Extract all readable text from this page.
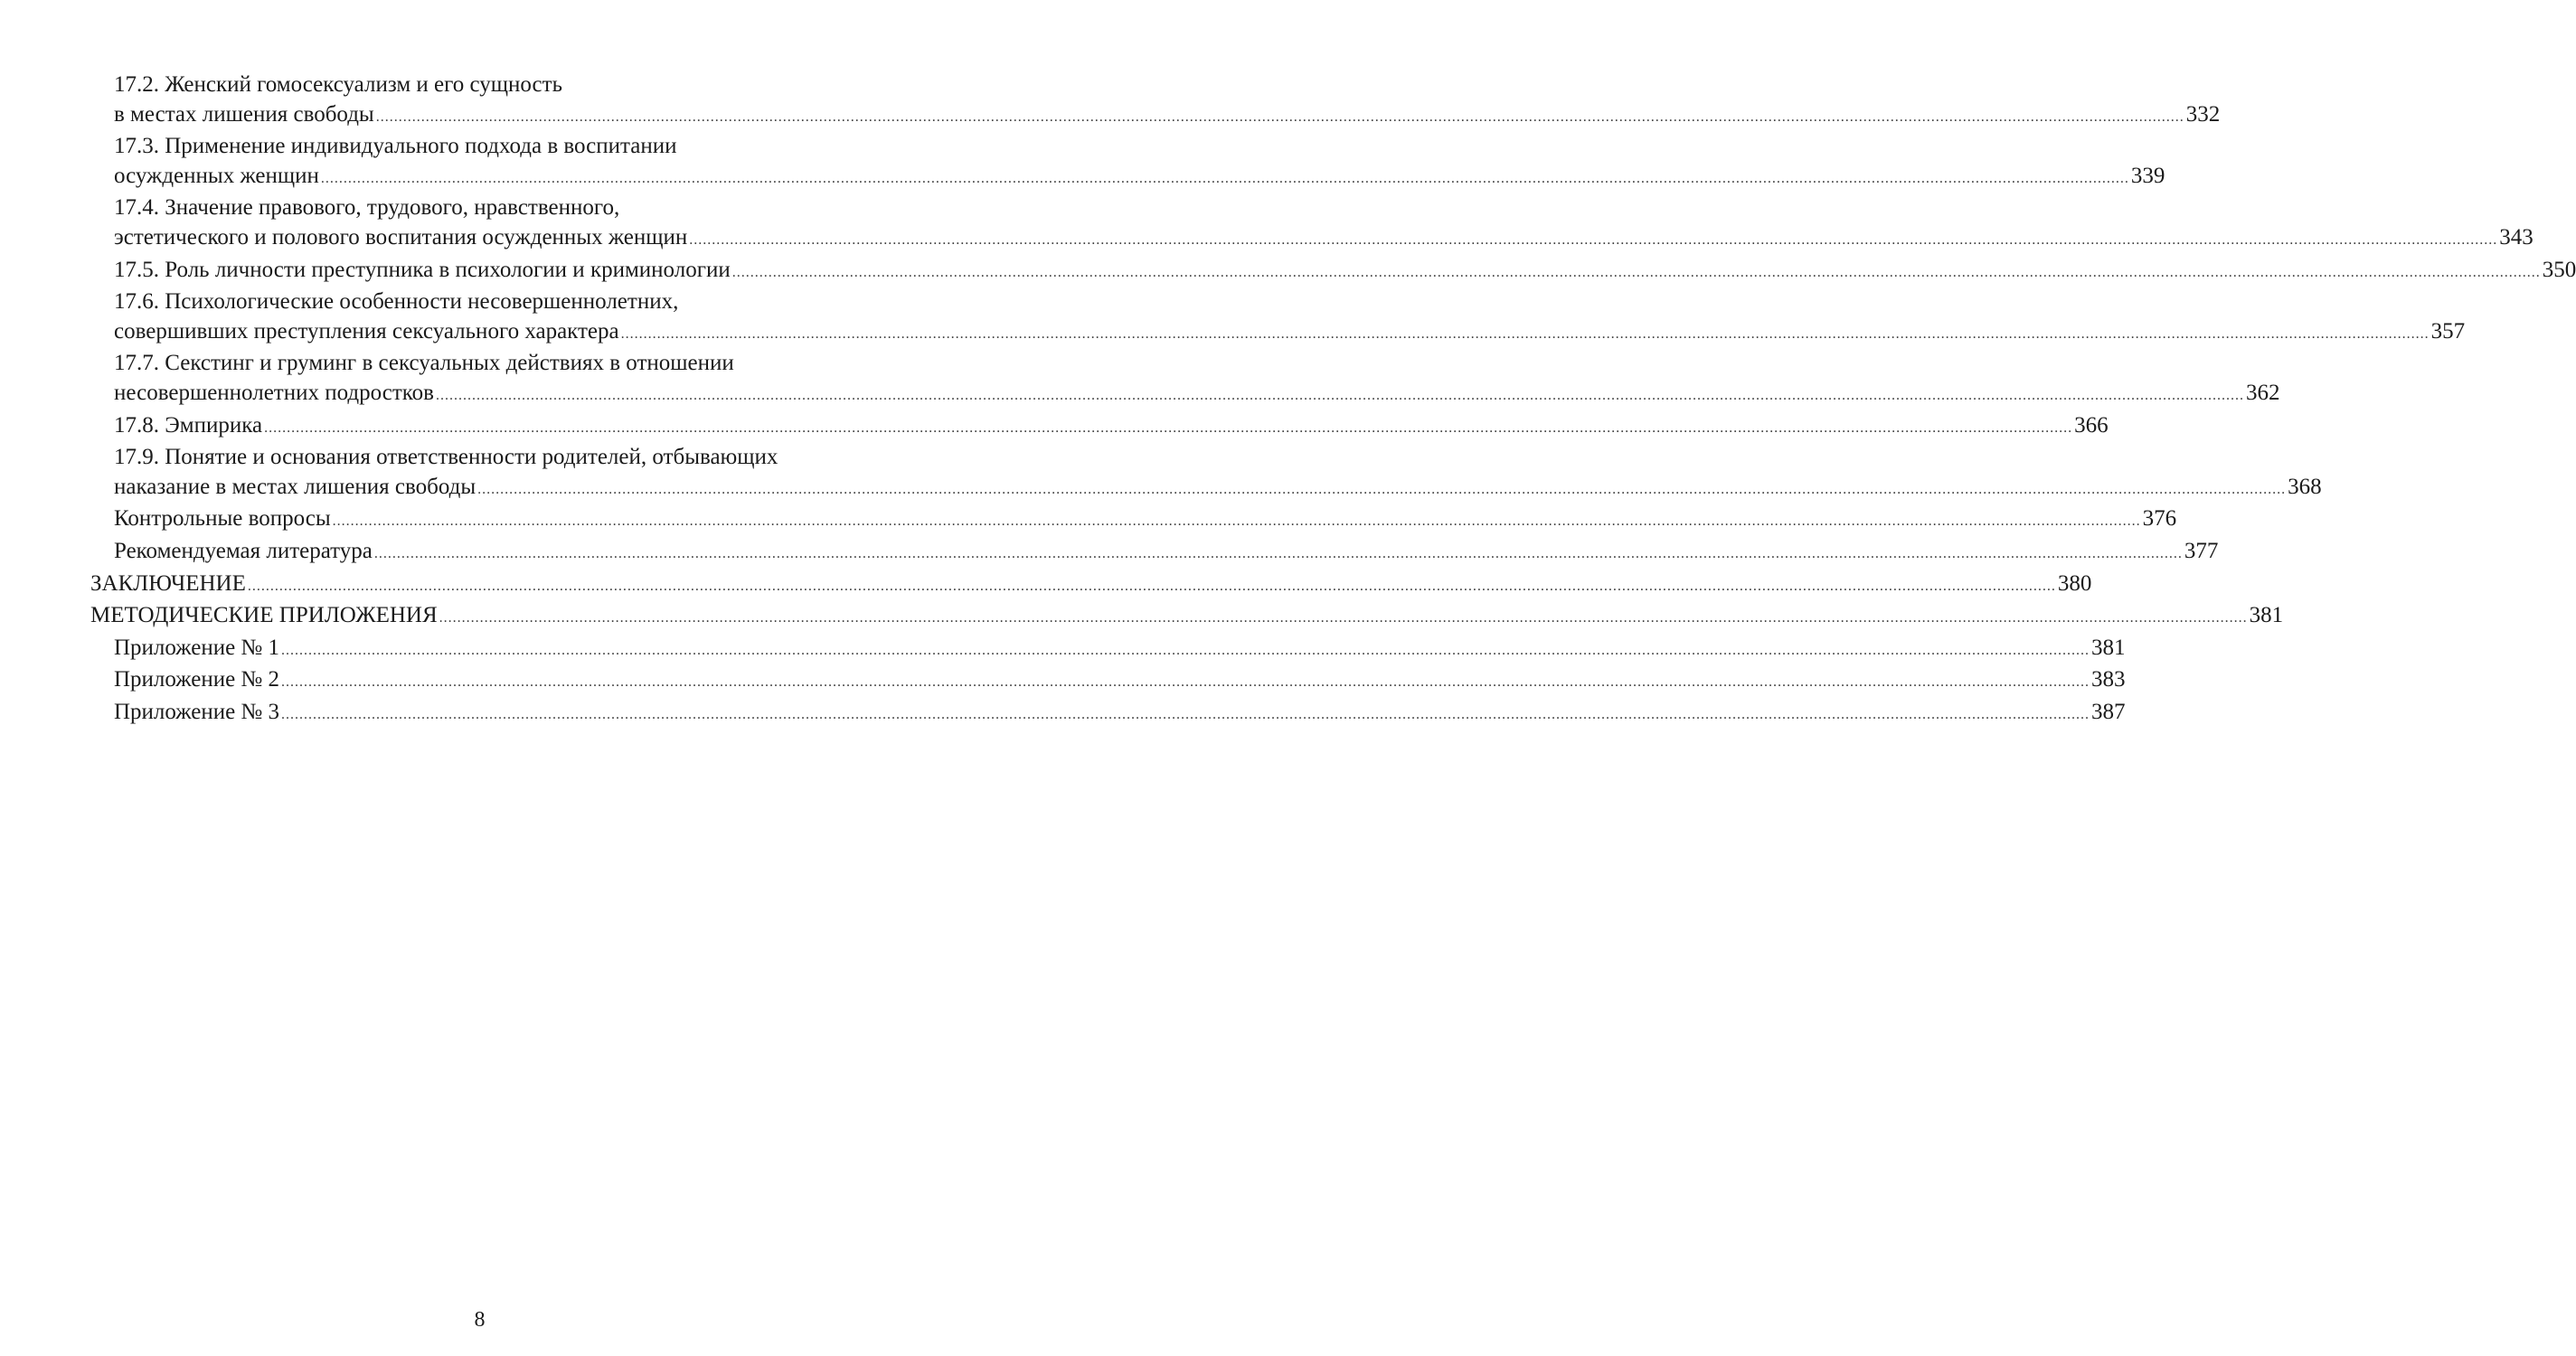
17.2. Женский гомосексуализм и его сущность
в местах лишения свободы ................................................................................................................................................................................................................................................................................................................................................................................................................ 332
17.3. Применение индивидуального подхода в воспитании
осужденных женщин ................................................................................................................................................................................................................................................................................................................................................................................................................ 339
17.4. Значение правового, трудового, нравственного,
эстетического и полового воспитания осужденных женщин ................................................................................................................................................................................................................................................................................................................................................................................................................ 343
17.5. Роль личности преступника в психологии и криминологии ................................................................................................................................................................................................................................................................................................................................................................................................................ 350
17.6. Психологические особенности несовершеннолетних,
совершивших преступления сексуального характера ................................................................................................................................................................................................................................................................................................................................................................................................................ 357
17.7. Секстинг и груминг в сексуальных действиях в отношении
несовершеннолетних подростков ................................................................................................................................................................................................................................................................................................................................................................................................................ 362
17.8. Эмпирика ................................................................................................................................................................................................................................................................................................................................................................................................................ 366
17.9. Понятие и основания ответственности родителей, отбывающих
наказание в местах лишения свободы ................................................................................................................................................................................................................................................................................................................................................................................................................ 368
Контрольные вопросы ................................................................................................................................................................................................................................................................................................................................................................................................................ 376
Рекомендуемая литература ................................................................................................................................................................................................................................................................................................................................................................................................................ 377
ЗАКЛЮЧЕНИЕ ................................................................................................................................................................................................................................................................................................................................................................................................................ 380
МЕТОДИЧЕСКИЕ ПРИЛОЖЕНИЯ ................................................................................................................................................................................................................................................................................................................................................................................................................ 381
Приложение № 1 ................................................................................................................................................................................................................................................................................................................................................................................................................ 381
Приложение № 2 ................................................................................................................................................................................................................................................................................................................................................................................................................ 383
Приложение № 3 ................................................................................................................................................................................................................................................................................................................................................................................................................ 387
8
